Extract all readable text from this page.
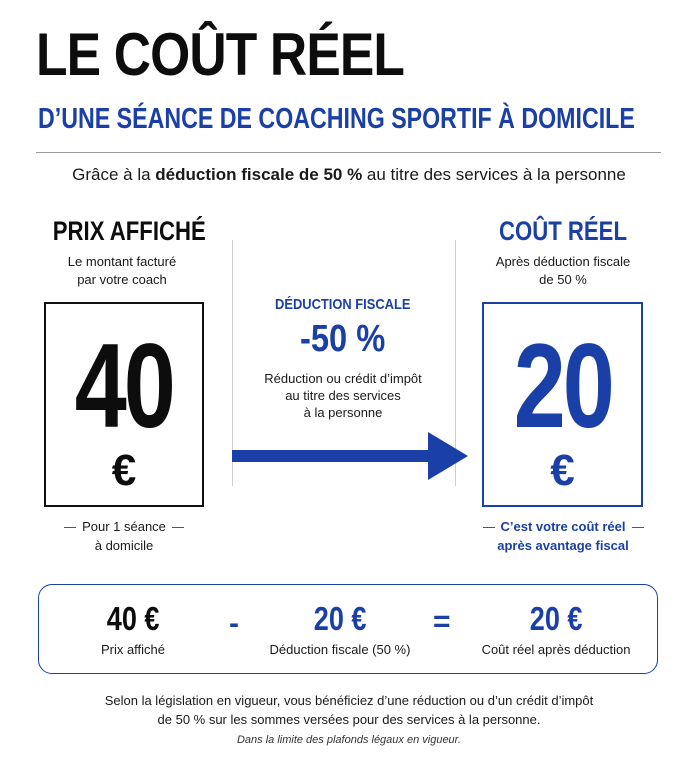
LE COÛT RÉEL
D’UNE SÉANCE DE COACHING SPORTIF À DOMICILE
Grâce à la déduction fiscale de 50 % au titre des services à la personne
PRIX AFFICHÉ
Le montant facturé
par votre coach
40
€
Pour 1 séance
à domicile
DÉDUCTION FISCALE
-50 %
Réduction ou crédit d’impôt
au titre des services
à la personne
COÛT RÉEL
Après déduction fiscale
de 50 %
20
€
C’est votre coût réel
après avantage fiscal
40 €
Prix affiché
-	20 €
Déduction fiscale (50 %)
=	20 €
Coût réel après déduction
Selon la législation en vigueur, vous bénéficiez d’une réduction ou d’un crédit d’impôt
de 50 % sur les sommes versées pour des services à la personne.
Dans la limite des plafonds légaux en vigueur.
